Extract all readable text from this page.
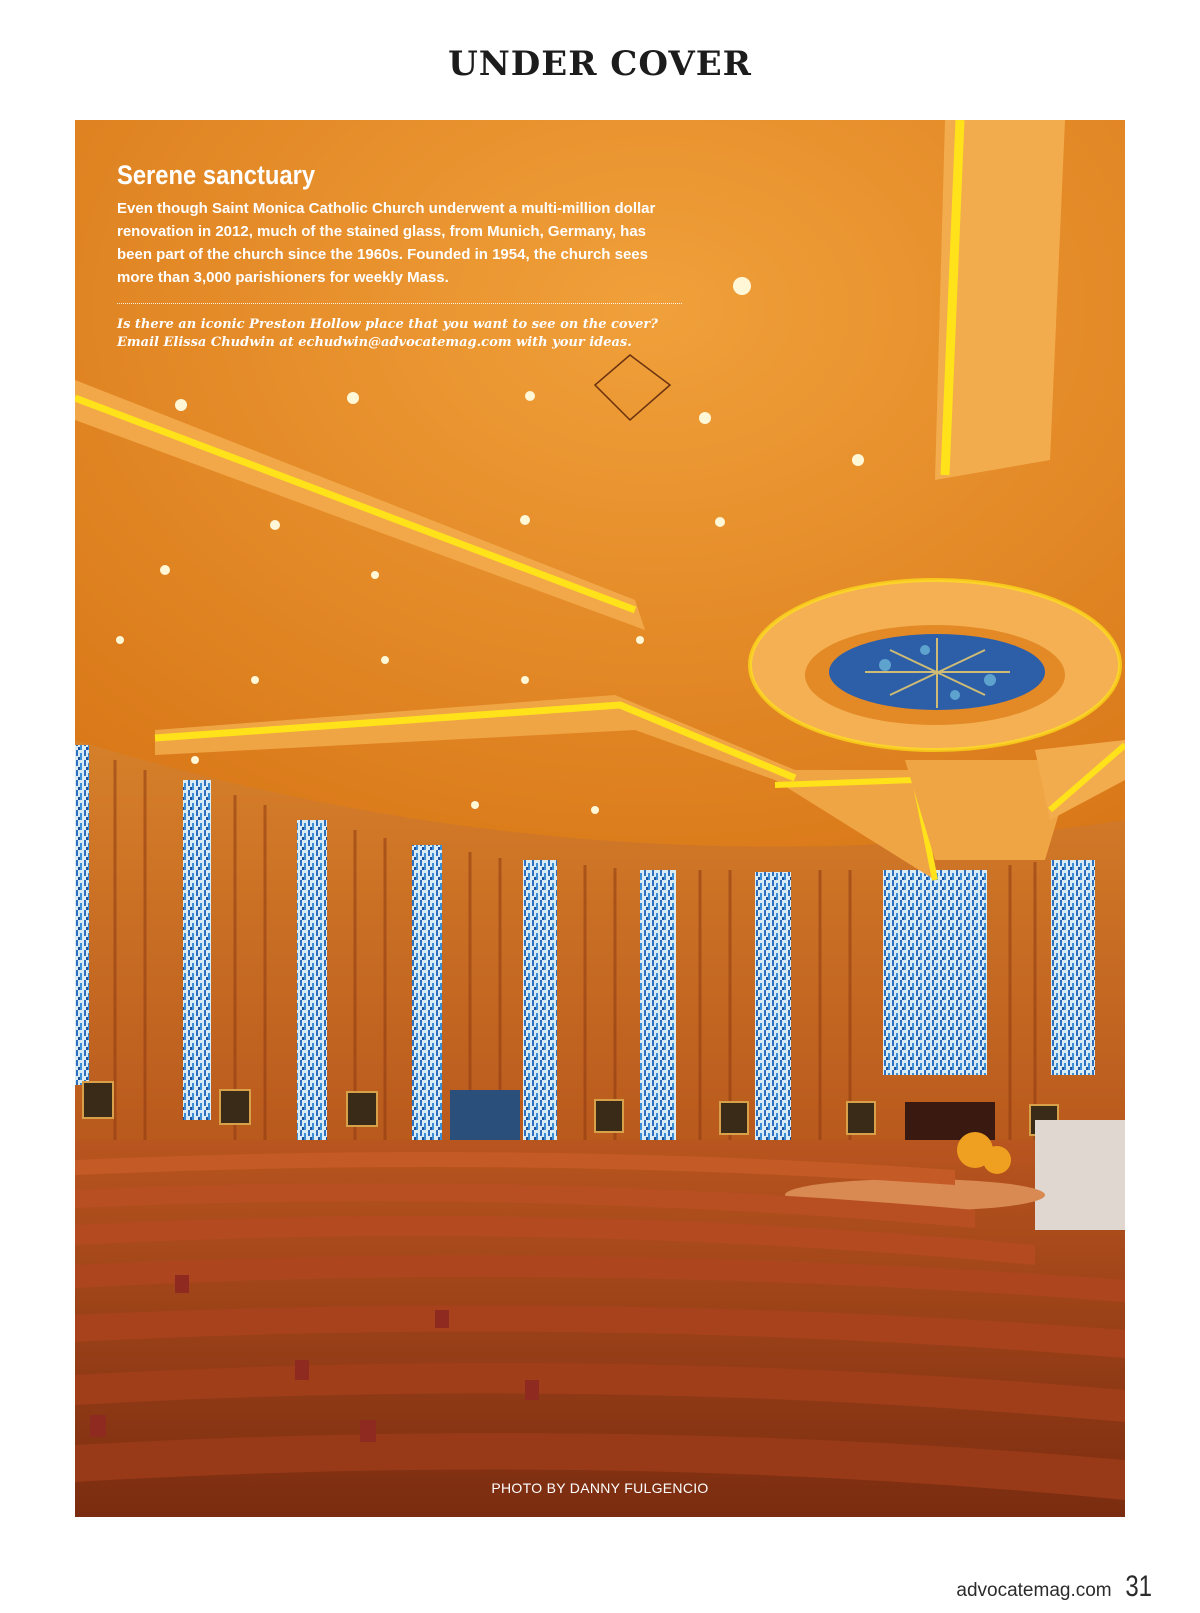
UNDER COVER
Serene sanctuary

Even though Saint Monica Catholic Church underwent a multi-million dollar renovation in 2012, much of the stained glass, from Munich, Germany, has been part of the church since the 1960s. Founded in 1954, the church sees more than 3,000 parishioners for weekly Mass.

Is there an iconic Preston Hollow place that you want to see on the cover?
Email Elissa Chudwin at echudwin@advocatemag.com with your ideas.

PHOTO BY DANNY FULGENCIO
advocatemag.com 31
